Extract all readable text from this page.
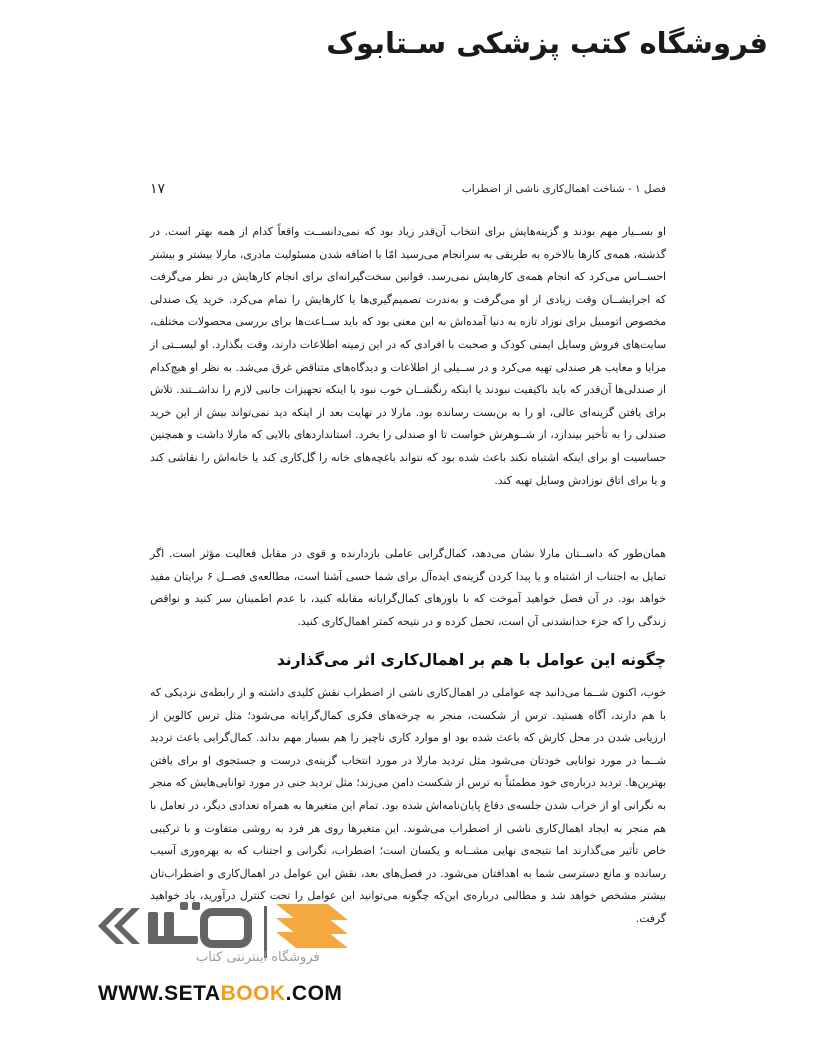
فروشگاه کتب پزشکی سـتابوک
فصل ۱ - شناخت اهمال‌کاری ناشی از اضطراب
۱۷

او بســیار مهم بودند و گزینه‌هایش برای انتخاب آن‌قدر زیاد بود که نمی‌دانســت واقعاً کدام از همه بهتر است. در گذشته، همه‌ی کارها بالاخره به طریقی به سرانجام می‌رسید امّا با اضافه شدن مسئولیت مادری، مارلا بیشتر و بیشتر احســاس می‌کرد که انجام همه‌ی کارهایش نمی‌رسد. قوانین سخت‌گیرانه‌ای برای انجام کارهایش در نظر می‌گرفت که اجرایشــان وقت زیادی از او می‌گرفت و به‌ندرت تصمیم‌گیری‌ها یا کارهایش را تمام می‌کرد. خرید یک صندلی مخصوص اتومبیل برای نوزاد تازه به دنیا آمده‌اش به این معنی بود که باید ســاعت‌ها برای بررسی محصولات مختلف، سایت‌های فروش وسایل ایمنی کودک و صحبت با افرادی که در این زمینه اطلاعات دارند، وقت بگذارد. او لیســتی از مزایا و معایب هر صندلی تهیه می‌کرد و در ســیلی از اطلاعات و دیدگاه‌های متناقض غرق می‌شد. به نظر او هیچ‌کدام از صندلی‌ها آن‌قدر که باید باکیفیت نبودند یا اینکه رنگشــان خوب نبود یا اینکه تجهیزات جانبی لازم را نداشــتند. تلاش برای یافتن گزینه‌ای عالی، او را به بن‌بست رسانده بود. مارلا در نهایت بعد از اینکه دید نمی‌تواند بیش از این خرید صندلی را به تأخیر بیندازد، از شــوهرش خواست تا او صندلی را بخرد. استانداردهای بالایی که مارلا داشت و همچنین حساسیت او برای اینکه اشتباه نکند باعث شده بود که نتواند باغچه‌های خانه را گل‌کاری کند یا خانه‌اش را نقاشی کند و یا برای اتاق نوزادش وسایل تهیه کند.

همان‌طور که داســتان مارلا نشان می‌دهد، کمال‌گرایی عاملی بازدارنده و قوی در مقابل فعالیت مؤثر است. اگر تمایل به اجتناب از اشتباه و یا پیدا کردن گزینه‌ی ایده‌آل برای شما حسی آشنا است، مطالعه‌ی فصــل ۶ برایتان مفید خواهد بود. در آن فصل خواهید آموخت که با باورهای کمال‌گرایانه مقابله کنید، با عدم اطمینان سر کنید و نواقص زندگی را که جزء جدانشدنی آن است، تحمل کرده و در نتیجه کمتر اهمال‌کاری کنید.

چگونه این عوامل با هم بر اهمال‌کاری اثر می‌گذارند

خوب، اکنون شــما می‌دانید چه عواملی در اهمال‌کاری ناشی از اضطراب نقش کلیدی داشته و از رابطه‌ی نزدیکی که با هم دارند، آگاه هستید. ترس از شکست، منجر به چرخه‌های فکری کمال‌گرایانه می‌شود؛ مثل ترس کالوین از ارزیابی شدن در محل کارش که باعث شده بود او موارد کاری ناچیز را هم بسیار مهم بداند. کمال‌گرایی باعث تردید شــما در مورد توانایی خودتان می‌شود مثل تردید مارلا در مورد انتخاب گزینه‌ی درست و جستجوی او برای یافتن بهترین‌ها. تردید درباره‌ی خود مطمئناً به ترس از شکست دامن می‌زند؛ مثل تردید جنی در مورد توانایی‌هایش که منجر به نگرانی او از خراب شدن جلسه‌ی دفاع پایان‌نامه‌اش شده بود. تمام این متغیرها به همراه تعدادی دیگر، در تعامل با هم منجر به ایجاد اهمال‌کاری ناشی از اضطراب می‌شوند. این متغیرها روی هر فرد به روشی متفاوت و با ترکیبی خاص تأثیر می‌گذارند اما نتیجه‌ی نهایی مشــابه و یکسان است؛ اضطراب، نگرانی و اجتناب که به بهره‌وری آسیب رسانده و مانع دسترسی شما به اهدافتان می‌شود. در فصل‌های بعد، نقش این عوامل در اهمال‌کاری و اضطراب‌تان بیشتر مشخص خواهد شد و مطالبی درباره‌ی این‌که چگونه می‌توانید این عوامل را تحت کنترل درآورید، یاد خواهید گرفت.

فروشگاه اینترنتی کتاب
WWW.SETABOOK.COM
